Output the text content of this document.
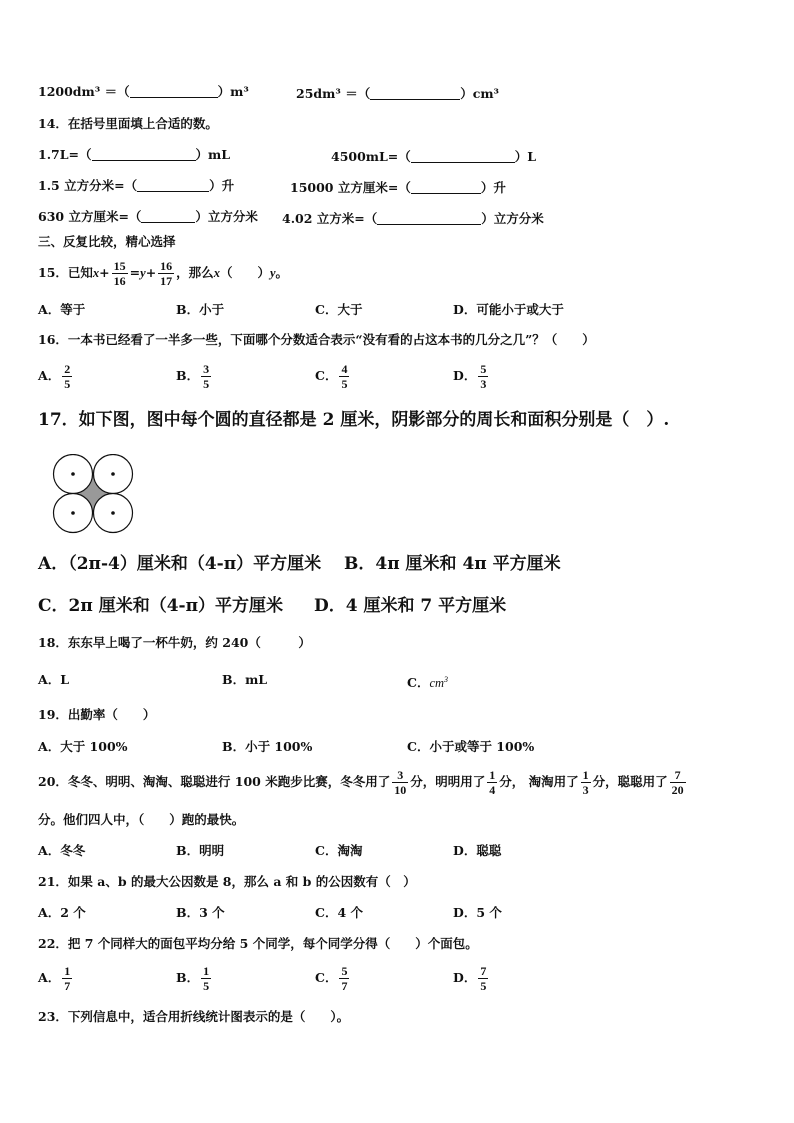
1200dm³ ＝（	）m³	25dm³ ＝（	）cm³
14．在括号里面填上合适的数。
1.7L=（	）mL	4500mL=（	）L
1.5 立方分米=（	）升	15000 立方厘米=（	）升
630 立方厘米=（	）立方分米 4.02 立方米=（	）立方分米
三、反复比较，精心选择
15．已知$x+ \frac{15}{16} =y+ \frac{16}{17}$ ，那么x（　　）y。
A．等于	B．小于	C．大于	D．可能小于或大于
16．一本书已经看了一半多一些，下面哪个分数适合表示“没有看的占这本书的几分之几”？（　　）
A． $\frac{2}{5}$	B． $\frac{3}{5}$	C． $\frac{4}{5}$	D． $\frac{5}{3}$
17．如下图，图中每个圆的直径都是 2 厘米，阴影部分的周长和面积分别是（　）.
A．（2π-4）厘米和（4-π）平方厘米 B．4π 厘米和 4π 平方厘米
C．2π 厘米和（4-π）平方厘米 D．4 厘米和 7 平方厘米
18．东东早上喝了一杯牛奶，约 240（　　　）
A．L	B．mL	C．$cm^3$
19．出勤率（　　）
A．大于 100%	B．小于 100%	C．小于或等于 100%
20．冬冬、明明、淘淘、聪聪进行 100 米跑步比赛，冬冬用了 $\frac{3}{10}$ 分，明明用了 $\frac{1}{4}$ 分， 淘淘用了 $\frac{1}{3}$ 分，聪聪用了 $\frac{7}{20}$
分。他们四人中，（　　）跑的最快。
A．冬冬	B．明明	C．淘淘	D．聪聪
21．如果 a、b 的最大公因数是 8，那么 a 和 b 的公因数有（　）
A．2 个	B．3 个	C．4 个	D．5 个
22．把 7 个同样大的面包平均分给 5 个同学，每个同学分得（　　）个面包。
A． $\frac{1}{7}$	B． $\frac{1}{5}$	C． $\frac{5}{7}$	D． $\frac{7}{5}$
23．下列信息中，适合用折线统计图表示的是（　　）。
